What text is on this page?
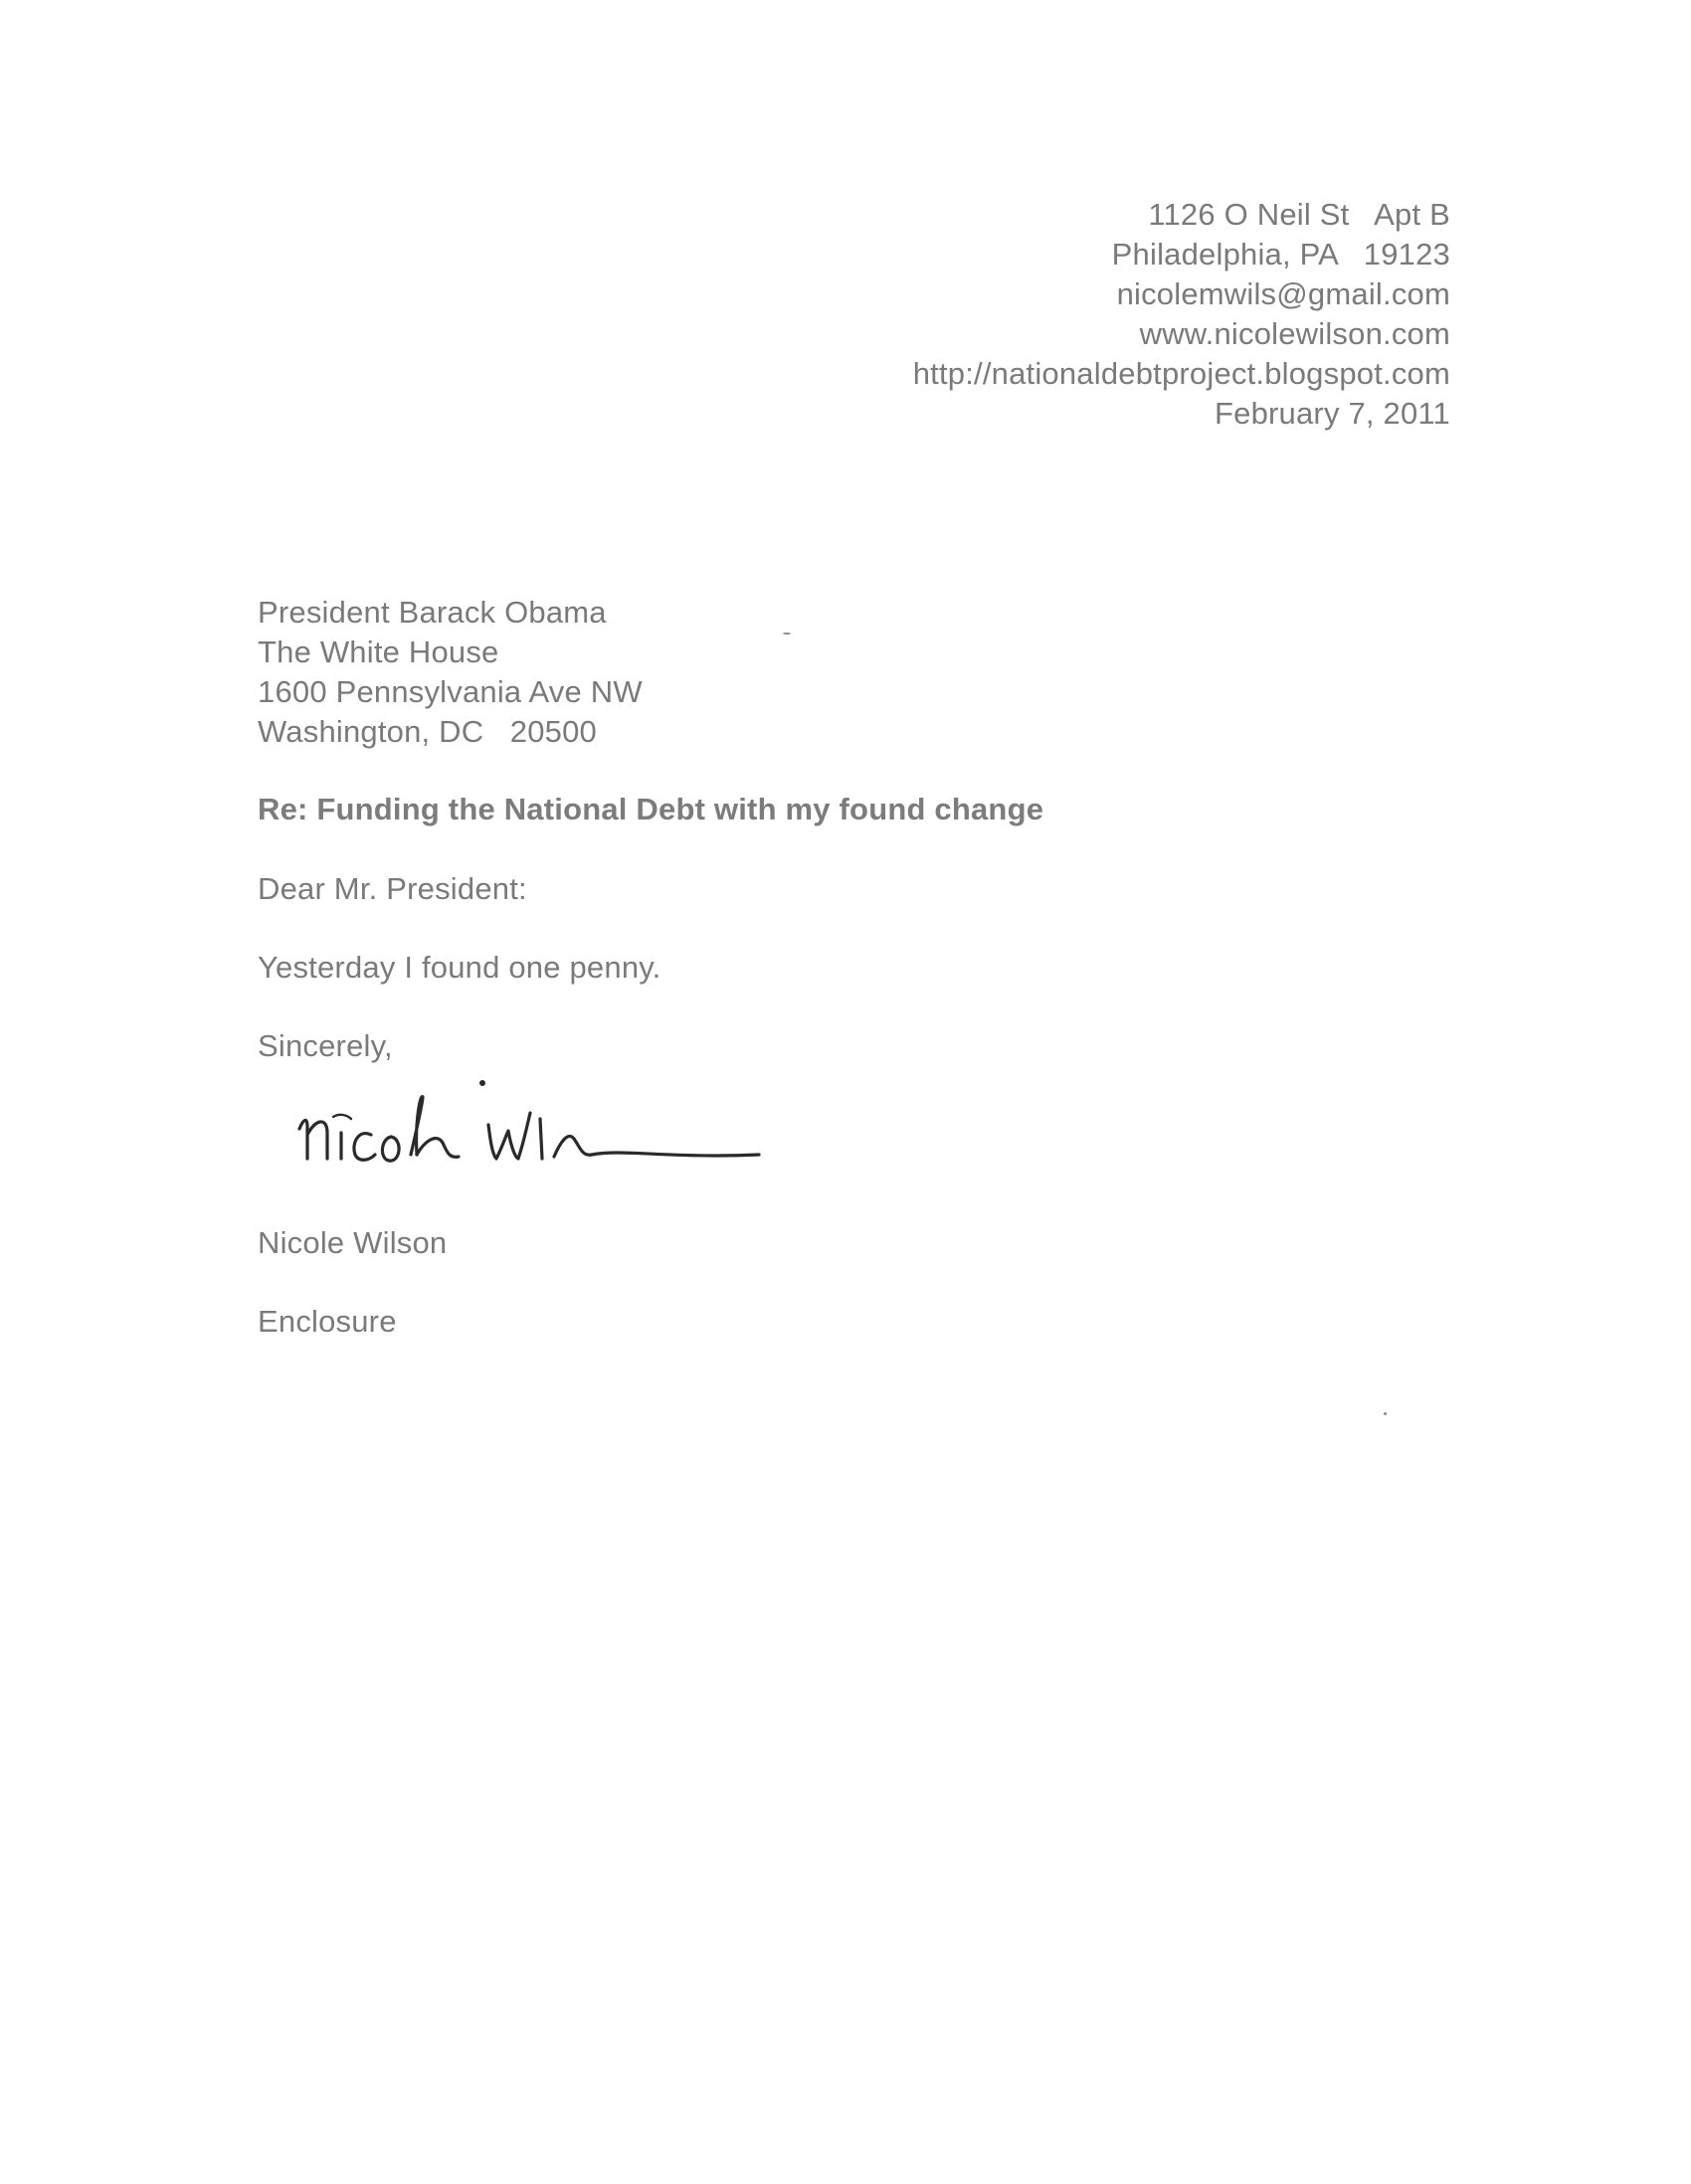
1126 O Neil St   Apt B
Philadelphia, PA   19123
nicolemwils@gmail.com
www.nicolewilson.com
http://nationaldebtproject.blogspot.com
February 7, 2011
President Barack Obama
The White House
1600 Pennsylvania Ave NW
Washington, DC   20500
Re: Funding the National Debt with my found change
Dear Mr. President:
Yesterday I found one penny.
Sincerely,
Nicole Wilson
Enclosure
